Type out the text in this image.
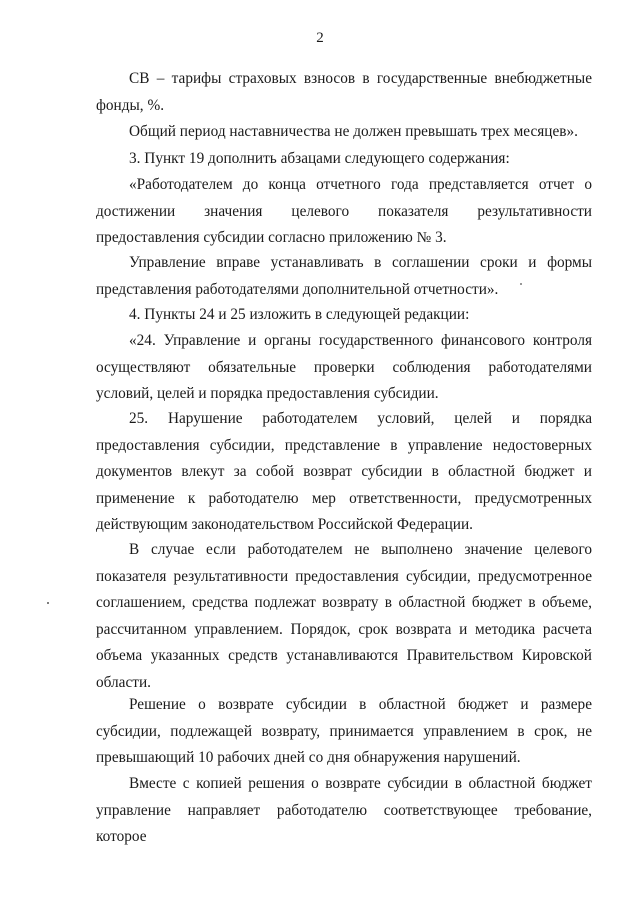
2

СВ – тарифы страховых взносов в государственные внебюджетные фонды, %.

Общий период наставничества не должен превышать трех месяцев».

3. Пункт 19 дополнить абзацами следующего содержания:

«Работодателем до конца отчетного года представляется отчет о достижении значения целевого показателя результативности предоставления субсидии согласно приложению № 3.

Управление вправе устанавливать в соглашении сроки и формы представления работодателями дополнительной отчетности».

4. Пункты 24 и 25 изложить в следующей редакции:

«24. Управление и органы государственного финансового контроля осуществляют обязательные проверки соблюдения работодателями условий, целей и порядка предоставления субсидии.

25. Нарушение работодателем условий, целей и порядка предоставления субсидии, представление в управление недостоверных документов влекут за собой возврат субсидии в областной бюджет и применение к работодателю мер ответственности, предусмотренных действующим законодательством Российской Федерации.

В случае если работодателем не выполнено значение целевого показателя результативности предоставления субсидии, предусмотренное соглашением, средства подлежат возврату в областной бюджет в объеме, рассчитанном управлением. Порядок, срок возврата и методика расчета объема указанных средств устанавливаются Правительством Кировской области.

Решение о возврате субсидии в областной бюджет и размере субсидии, подлежащей возврату, принимается управлением в срок, не превышающий 10 рабочих дней со дня обнаружения нарушений.

Вместе с копией решения о возврате субсидии в областной бюджет управление направляет работодателю соответствующее требование, которое
